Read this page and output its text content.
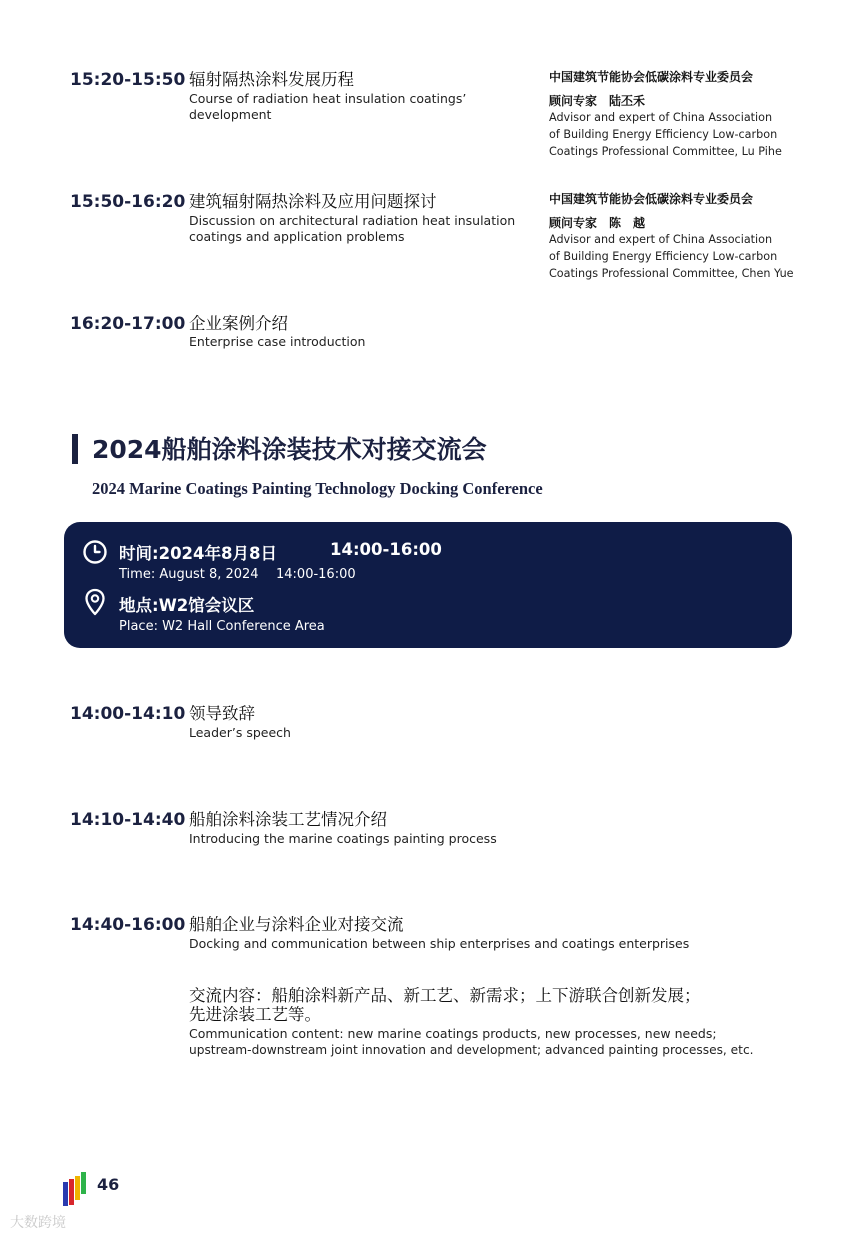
15:20-15:50 辐射隔热涂料发展历程
Course of radiation heat insulation coatings’ development
中国建筑节能协会低碳涂料专业委员会
顾问专家　陆丕禾
Advisor and expert of China Association
of Building Energy Efficiency Low-carbon
Coatings Professional Committee, Lu Pihe
15:50-16:20 建筑辐射隔热涂料及应用问题探讨
Discussion on architectural radiation heat insulation coatings and application problems
中国建筑节能协会低碳涂料专业委员会
顾问专家　陈　越
Advisor and expert of China Association
of Building Energy Efficiency Low-carbon
Coatings Professional Committee, Chen Yue
16:20-17:00 企业案例介绍
Enterprise case introduction
2024船舶涂料涂装技术对接交流会
2024 Marine Coatings Painting Technology Docking Conference
时间:2024年8月8日	14:00-16:00
Time: August 8, 2024 14:00-16:00
地点:W2馆会议区
Place: W2 Hall Conference Area
14:00-14:10 领导致辞
Leader’s speech
14:10-14:40 船舶涂料涂装工艺情况介绍
Introducing the marine coatings painting process
14:40-16:00 船舶企业与涂料企业对接交流
Docking and communication between ship enterprises and coatings enterprises
交流内容：船舶涂料新产品、新工艺、新需求；上下游联合创新发展；
先进涂装工艺等。
Communication content: new marine coatings products, new processes, new needs;
upstream-downstream joint innovation and development; advanced painting processes, etc.
46
大数跨境
